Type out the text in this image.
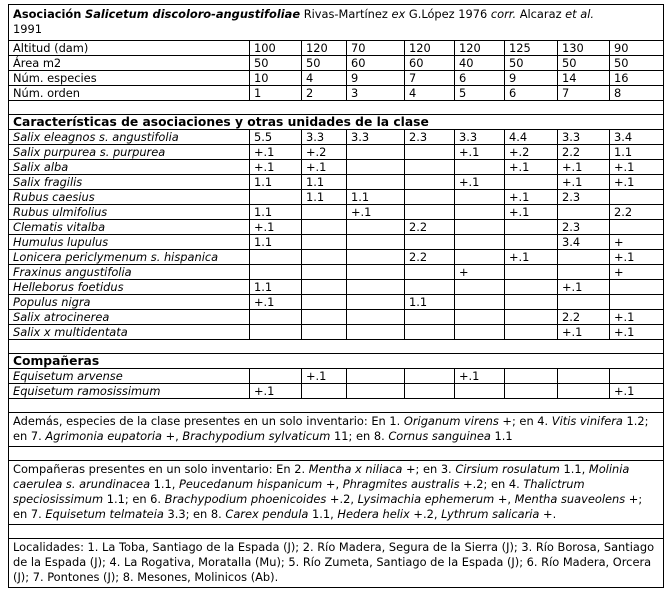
Asociación Salicetum discoloro-angustifoliae Rivas-Martínez ex G.López 1976 corr. Alcaraz et al.
1991								
Altitud (dam)	100	120	70	120	120	125	130	90
Área m2	50	50	60	60	40	50	50	50
Núm. especies	10	4	9	7	6	9	14	16
Núm. orden	1	2	3	4	5	6	7	8

Características de asociaciones y otras unidades de la clase								
Salix eleagnos s. angustifolia	5.5	3.3	3.3	2.3	3.3	4.4	3.3	3.4
Salix purpurea s. purpurea	+.1	+.2			+.1	+.2	2.2	1.1
Salix alba	+.1	+.1				+.1	+.1	+.1
Salix fragilis	1.1	1.1			+.1		+.1	+.1
Rubus caesius		1.1	1.1			+.1	2.3	
Rubus ulmifolius	1.1		+.1			+.1		2.2
Clematis vitalba	+.1			2.2			2.3	
Humulus lupulus	1.1						3.4	+
Lonicera periclymenum s. hispanica				2.2		+.1		+.1
Fraxinus angustifolia					+			+
Helleborus foetidus	1.1						+.1	
Populus nigra	+.1			1.1				
Salix atrocinerea							2.2	+.1
Salix x multidentata							+.1	+.1

Compañeras								
Equisetum arvense		+.1			+.1			
Equisetum ramosissimum	+.1							+.1

Además, especies de la clase presentes en un solo inventario: En 1. Origanum virens +; en 4. Vitis vinifera 1.2; en 7. Agrimonia eupatoria +, Brachypodium sylvaticum 11; en 8. Cornus sanguinea 1.1								

Compañeras presentes en un solo inventario: En 2. Mentha x niliaca +; en 3. Cirsium rosulatum 1.1, Molinia caerulea s. arundinacea 1.1, Peucedanum hispanicum +, Phragmites australis +.2; en 4. Thalictrum speciosissimum 1.1; en 6. Brachypodium phoenicoides +.2, Lysimachia ephemerum +, Mentha suaveolens +; en 7. Equisetum telmateia 3.3; en 8. Carex pendula 1.1, Hedera helix +.2, Lythrum salicaria +.								

Localidades: 1. La Toba, Santiago de la Espada (J); 2. Río Madera, Segura de la Sierra (J); 3. Río Borosa, Santiago de la Espada (J); 4. La Rogativa, Moratalla (Mu); 5. Río Zumeta, Santiago de la Espada (J); 6. Río Madera, Orcera (J); 7. Pontones (J); 8. Mesones, Molinicos (Ab).								
